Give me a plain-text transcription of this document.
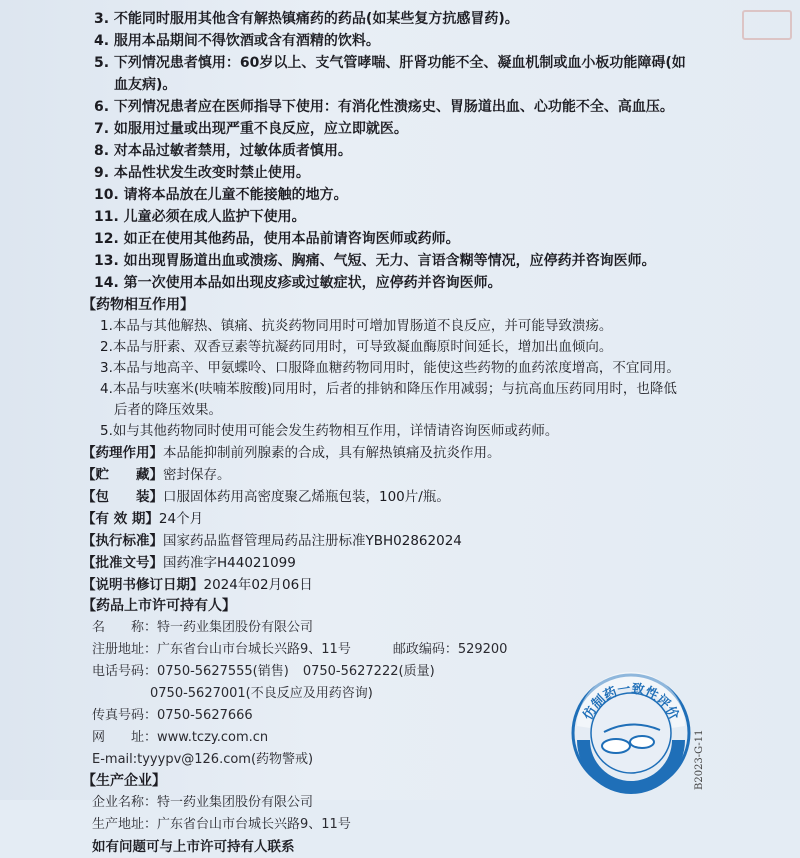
3. 不能同时服用其他含有解热镇痛药的药品(如某些复方抗感冒药)。
4. 服用本品期间不得饮酒或含有酒精的饮料。
5. 下列情况患者慎用：60岁以上、支气管哮喘、肝肾功能不全、凝血机制或血小板功能障碍(如
血友病)。
6. 下列情况患者应在医师指导下使用：有消化性溃疡史、胃肠道出血、心功能不全、高血压。
7. 如服用过量或出现严重不良反应，应立即就医。
8. 对本品过敏者禁用，过敏体质者慎用。
9. 本品性状发生改变时禁止使用。
10. 请将本品放在儿童不能接触的地方。
11. 儿童必须在成人监护下使用。
12. 如正在使用其他药品，使用本品前请咨询医师或药师。
13. 如出现胃肠道出血或溃疡、胸痛、气短、无力、言语含糊等情况，应停药并咨询医师。
14. 第一次使用本品如出现皮疹或过敏症状，应停药并咨询医师。
【药物相互作用】
1.本品与其他解热、镇痛、抗炎药物同用时可增加胃肠道不良反应，并可能导致溃疡。
2.本品与肝素、双香豆素等抗凝药同用时，可导致凝血酶原时间延长，增加出血倾向。
3.本品与地高辛、甲氨蝶呤、口服降血糖药物同用时，能使这些药物的血药浓度增高，不宜同用。
4.本品与呋塞米(呋喃苯胺酸)同用时，后者的排钠和降压作用减弱；与抗高血压药同用时，也降低
后者的降压效果。
5.如与其他药物同时使用可能会发生药物相互作用，详情请咨询医师或药师。
【药理作用】本品能抑制前列腺素的合成，具有解热镇痛及抗炎作用。
【贮　　藏】密封保存。
【包　　装】口服固体药用高密度聚乙烯瓶包装，100片/瓶。
【有 效 期】24个月
【执行标准】国家药品监督管理局药品注册标准YBH02862024
【批准文号】国药准字H44021099
【说明书修订日期】2024年02月06日
【药品上市许可持有人】
名　　称：特一药业集团股份有限公司
注册地址：广东省台山市台城长兴路9、11号	邮政编码：529200
电话号码：0750-5627555(销售) 0750-5627222(质量)
0750-5627001(不良反应及用药咨询)
传真号码：0750-5627666
网　　址：www.tczy.com.cn
E-mail:tyyypv@126.com(药物警戒)
【生产企业】
企业名称：特一药业集团股份有限公司
生产地址：广东省台山市台城长兴路9、11号
如有问题可与上市许可持有人联系
仿制药一致性评价
B2023-G-11
